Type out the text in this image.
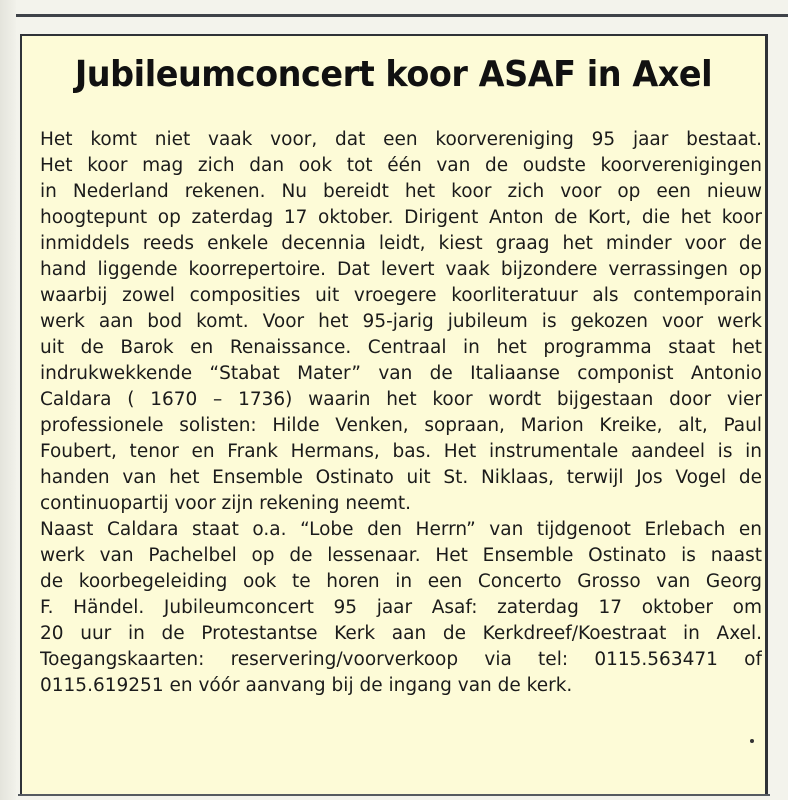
Jubileumconcert koor ASAF in Axel
Het komt niet vaak voor, dat een koorvereniging 95 jaar bestaat.
Het koor mag zich dan ook tot één van de oudste koorverenigingen
in Nederland rekenen. Nu bereidt het koor zich voor op een nieuw
hoogtepunt op zaterdag 17 oktober. Dirigent Anton de Kort, die het koor
inmiddels reeds enkele decennia leidt, kiest graag het minder voor de
hand liggende koorrepertoire. Dat levert vaak bijzondere verrassingen op
waarbij zowel composities uit vroegere koorliteratuur als contemporain
werk aan bod komt. Voor het 95-jarig jubileum is gekozen voor werk
uit de Barok en Renaissance. Centraal in het programma staat het
indrukwekkende “Stabat Mater” van de Italiaanse componist Antonio
Caldara ( 1670 – 1736) waarin het koor wordt bijgestaan door vier
professionele solisten: Hilde Venken, sopraan, Marion Kreike, alt, Paul
Foubert, tenor en Frank Hermans, bas. Het instrumentale aandeel is in
handen van het Ensemble Ostinato uit St. Niklaas, terwijl Jos Vogel de
continuopartij voor zijn rekening neemt.
Naast Caldara staat o.a. “Lobe den Herrn” van tijdgenoot Erlebach en
werk van Pachelbel op de lessenaar. Het Ensemble Ostinato is naast
de koorbegeleiding ook te horen in een Concerto Grosso van Georg
F. Händel. Jubileumconcert 95 jaar Asaf: zaterdag 17 oktober om
20 uur in de Protestantse Kerk aan de Kerkdreef/Koestraat in Axel.
Toegangskaarten: reservering/voorverkoop via tel: 0115.563471 of
0115.619251 en vóór aanvang bij de ingang van de kerk.
